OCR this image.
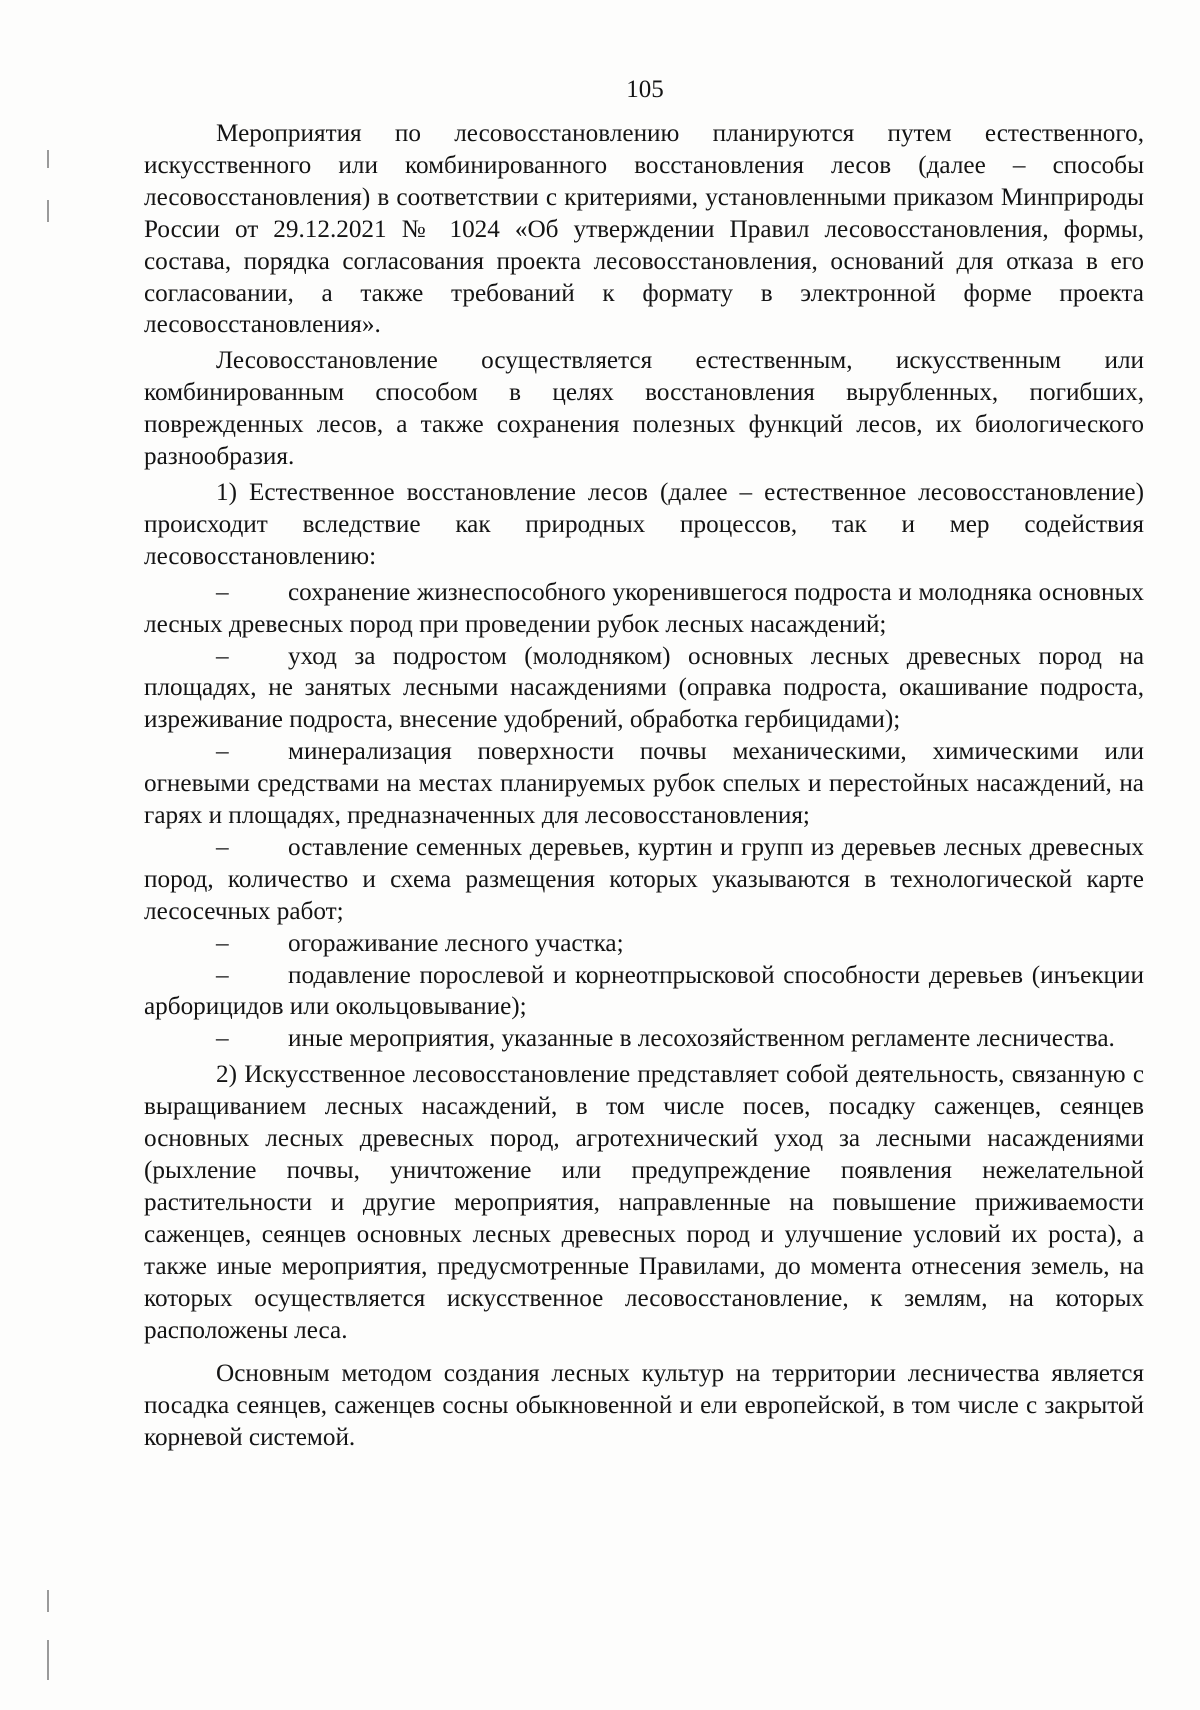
105

Мероприятия по лесовосстановлению планируются путем естественного, искусственного или комбинированного восстановления лесов (далее – способы лесовосстановления) в соответствии с критериями, установленными приказом Минприроды России от 29.12.2021 № 1024 «Об утверждении Правил лесовосстановления, формы, состава, порядка согласования проекта лесовосстановления, оснований для отказа в его согласовании, а также требований к формату в электронной форме проекта лесовосстановления».

Лесовосстановление осуществляется естественным, искусственным или комбинированным способом в целях восстановления вырубленных, погибших, поврежденных лесов, а также сохранения полезных функций лесов, их биологического разнообразия.

1) Естественное восстановление лесов (далее – естественное лесовосстановление) происходит вследствие как природных процессов, так и мер содействия лесовосстановлению:

– сохранение жизнеспособного укоренившегося подроста и молодняка основных лесных древесных пород при проведении рубок лесных насаждений;

– уход за подростом (молодняком) основных лесных древесных пород на площадях, не занятых лесными насаждениями (оправка подроста, окашивание подроста, изреживание подроста, внесение удобрений, обработка гербицидами);

– минерализация поверхности почвы механическими, химическими или огневыми средствами на местах планируемых рубок спелых и перестойных насаждений, на гарях и площадях, предназначенных для лесовосстановления;

– оставление семенных деревьев, куртин и групп из деревьев лесных древесных пород, количество и схема размещения которых указываются в технологической карте лесосечных работ;

– огораживание лесного участка;

– подавление порослевой и корнеотпрысковой способности деревьев (инъекции арборицидов или окольцовывание);

– иные мероприятия, указанные в лесохозяйственном регламенте лесничества.

2) Искусственное лесовосстановление представляет собой деятельность, связанную с выращиванием лесных насаждений, в том числе посев, посадку саженцев, сеянцев основных лесных древесных пород, агротехнический уход за лесными насаждениями (рыхление почвы, уничтожение или предупреждение появления нежелательной растительности и другие мероприятия, направленные на повышение приживаемости саженцев, сеянцев основных лесных древесных пород и улучшение условий их роста), а также иные мероприятия, предусмотренные Правилами, до момента отнесения земель, на которых осуществляется искусственное лесовосстановление, к землям, на которых расположены леса.

Основным методом создания лесных культур на территории лесничества является посадка сеянцев, саженцев сосны обыкновенной и ели европейской, в том числе с закрытой корневой системой.
